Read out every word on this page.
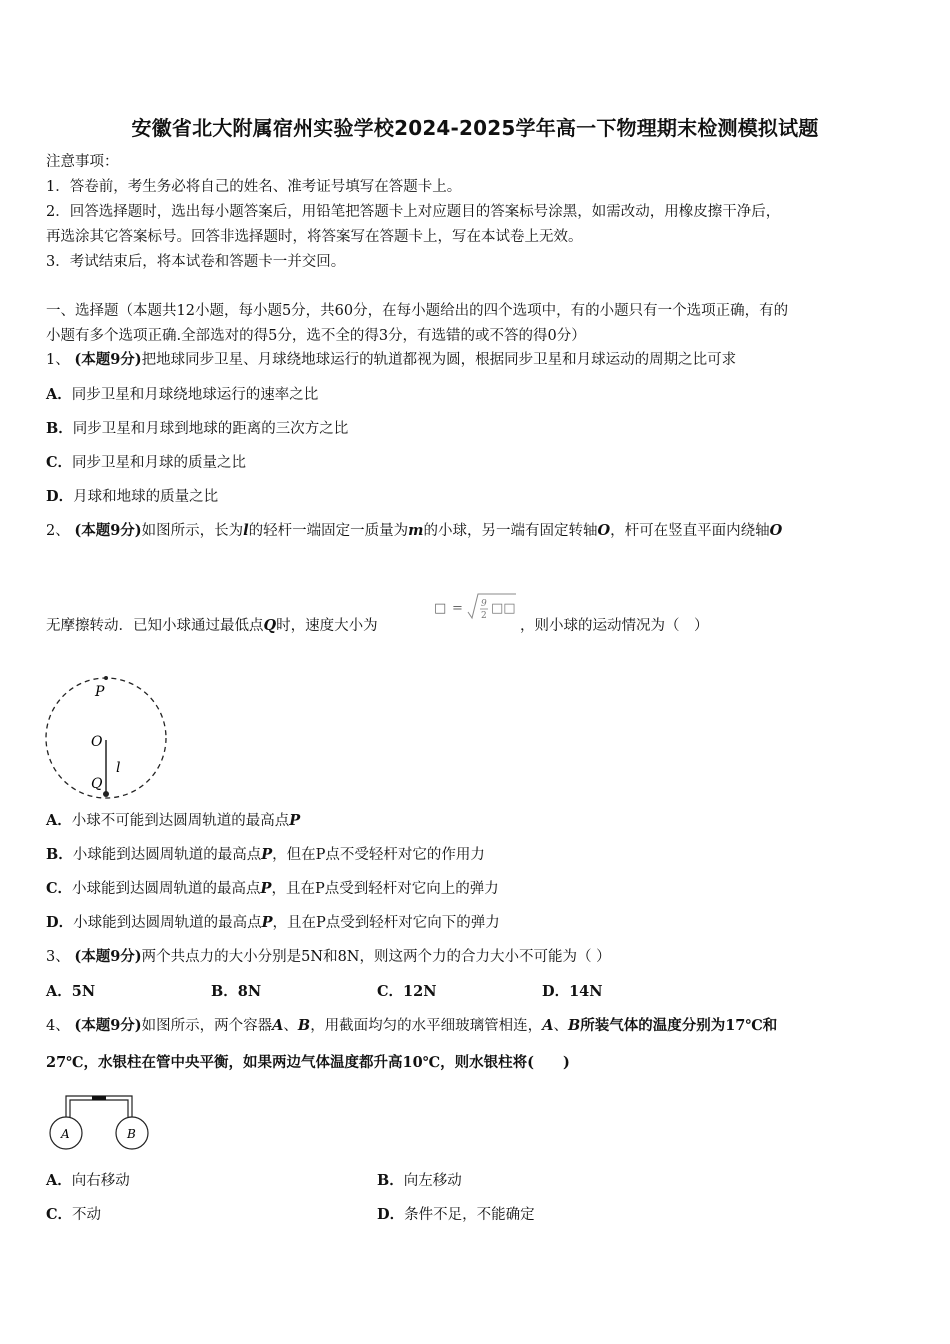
安徽省北大附属宿州实验学校2024-2025学年高一下物理期末检测模拟试题
注意事项：
1．答卷前，考生务必将自己的姓名、准考证号填写在答题卡上。
2．回答选择题时，选出每小题答案后，用铅笔把答题卡上对应题目的答案标号涂黑，如需改动，用橡皮擦干净后，
再选涂其它答案标号。回答非选择题时，将答案写在答题卡上，写在本试卷上无效。
3．考试结束后，将本试卷和答题卡一并交回。
一、选择题（本题共12小题，每小题5分，共60分，在每小题给出的四个选项中，有的小题只有一个选项正确，有的
小题有多个选项正确.全部选对的得5分，选不全的得3分，有选错的或不答的得0分）
1、 (本题9分)把地球同步卫星、月球绕地球运行的轨道都视为圆，根据同步卫星和月球运动的周期之比可求
A．同步卫星和月球绕地球运行的速率之比
B．同步卫星和月球到地球的距离的三次方之比
C．同步卫星和月球的质量之比
D．月球和地球的质量之比
2、 (本题9分)如图所示，长为l的轻杆一端固定一质量为m的小球，另一端有固定转轴O，杆可在竖直平面内绕轴O
无摩擦转动．已知小球通过最低点Q时，速度大小为
□ = 9
2 □□
，则小球的运动情况为（　）
P
O
l
Q
A．小球不可能到达圆周轨道的最高点P
B．小球能到达圆周轨道的最高点P，但在P点不受轻杆对它的作用力
C．小球能到达圆周轨道的最高点P，且在P点受到轻杆对它向上的弹力
D．小球能到达圆周轨道的最高点P，且在P点受到轻杆对它向下的弹力
3、 (本题9分)两个共点力的大小分别是5N和8N，则这两个力的合力大小不可能为（ ）
A．5N	B．8N	C．12N	D．14N
4、 (本题9分)如图所示，两个容器A、B，用截面均匀的水平细玻璃管相连，A、B所装气体的温度分别为17℃和
27℃，水银柱在管中央平衡，如果两边气体温度都升高10℃，则水银柱将(　　)
A	B
A．向右移动	B．向左移动
C．不动	D．条件不足，不能确定
